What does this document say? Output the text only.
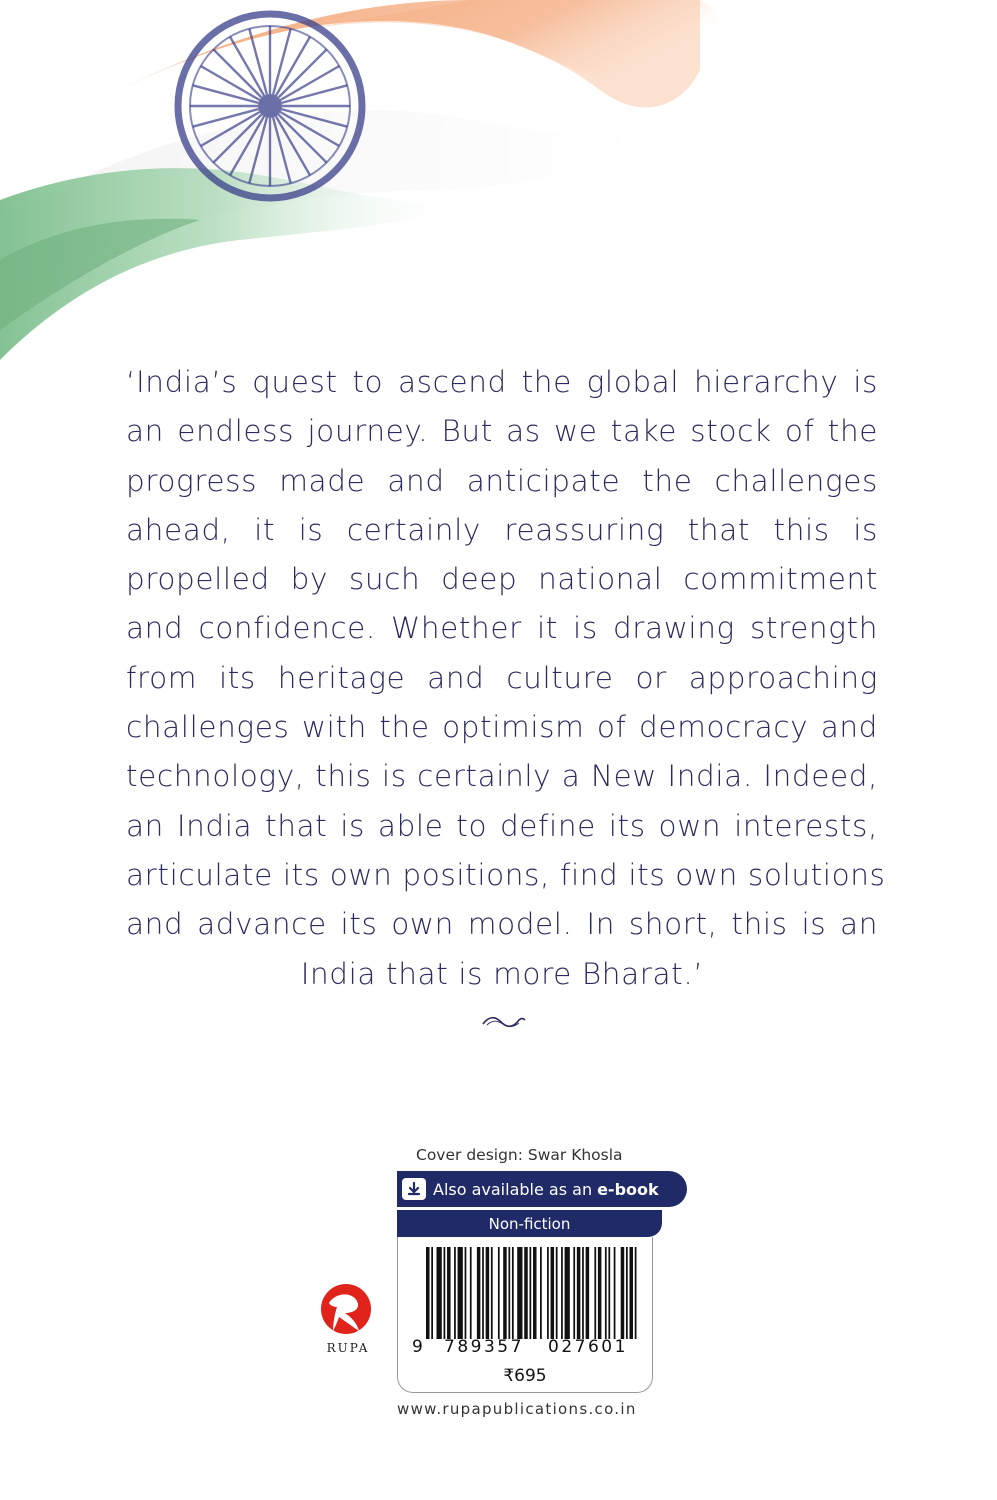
‘India’s quest to ascend the global hierarchy is
an endless journey. But as we take stock of the
progress made and anticipate the challenges
ahead, it is certainly reassuring that this is
propelled by such deep national commitment
and confidence. Whether it is drawing strength
from its heritage and culture or approaching
challenges with the optimism of democracy and
technology, this is certainly a New India. Indeed,
an India that is able to define its own interests,
articulate its own positions, find its own solutions
and advance its own model. In short, this is an
India that is more Bharat.’
Cover design: Swar Khosla
Also available as an e-book
Non-fiction
9 789357 027601
₹695
www.rupapublications.co.in
RUPA
